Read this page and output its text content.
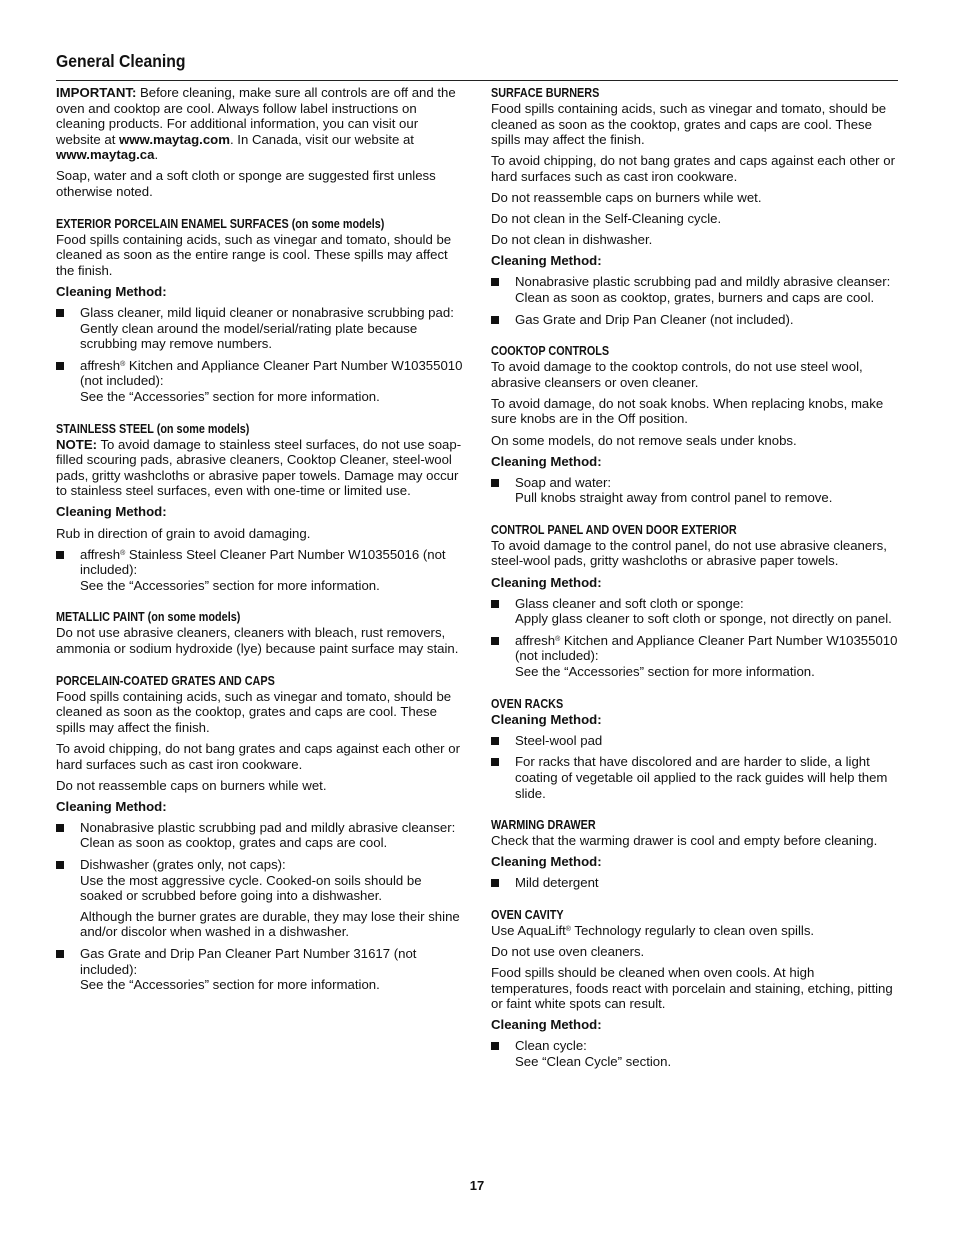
General Cleaning

IMPORTANT: Before cleaning, make sure all controls are off and the oven and cooktop are cool. Always follow label instructions on cleaning products. For additional information, you can visit our website at www.maytag.com. In Canada, visit our website at www.maytag.ca.

Soap, water and a soft cloth or sponge are suggested first unless otherwise noted.

EXTERIOR PORCELAIN ENAMEL SURFACES (on some models)

Food spills containing acids, such as vinegar and tomato, should be cleaned as soon as the entire range is cool. These spills may affect the finish.

Cleaning Method:

Glass cleaner, mild liquid cleaner or nonabrasive scrubbing pad:
Gently clean around the model/serial/rating plate because scrubbing may remove numbers.
affresh® Kitchen and Appliance Cleaner Part Number W10355010 (not included):
See the “Accessories” section for more information.
STAINLESS STEEL (on some models)

NOTE: To avoid damage to stainless steel surfaces, do not use soap-filled scouring pads, abrasive cleaners, Cooktop Cleaner, steel-wool pads, gritty washcloths or abrasive paper towels. Damage may occur to stainless steel surfaces, even with one-time or limited use.

Cleaning Method:

Rub in direction of grain to avoid damaging.

affresh® Stainless Steel Cleaner Part Number W10355016 (not included):
See the “Accessories” section for more information.
METALLIC PAINT (on some models)

Do not use abrasive cleaners, cleaners with bleach, rust removers, ammonia or sodium hydroxide (lye) because paint surface may stain.

PORCELAIN-COATED GRATES AND CAPS

Food spills containing acids, such as vinegar and tomato, should be cleaned as soon as the cooktop, grates and caps are cool. These spills may affect the finish.

To avoid chipping, do not bang grates and caps against each other or hard surfaces such as cast iron cookware.

Do not reassemble caps on burners while wet.

Cleaning Method:

Nonabrasive plastic scrubbing pad and mildly abrasive cleanser:
Clean as soon as cooktop, grates and caps are cool.
Dishwasher (grates only, not caps):
Use the most aggressive cycle. Cooked-on soils should be soaked or scrubbed before going into a dishwasher.
Although the burner grates are durable, they may lose their shine and/or discolor when washed in a dishwasher.
Gas Grate and Drip Pan Cleaner Part Number 31617 (not included):
See the “Accessories” section for more information.
SURFACE BURNERS

Food spills containing acids, such as vinegar and tomato, should be cleaned as soon as the cooktop, grates and caps are cool. These spills may affect the finish.

To avoid chipping, do not bang grates and caps against each other or hard surfaces such as cast iron cookware.

Do not reassemble caps on burners while wet.

Do not clean in the Self-Cleaning cycle.

Do not clean in dishwasher.

Cleaning Method:

Nonabrasive plastic scrubbing pad and mildly abrasive cleanser:
Clean as soon as cooktop, grates, burners and caps are cool.
Gas Grate and Drip Pan Cleaner (not included).
COOKTOP CONTROLS

To avoid damage to the cooktop controls, do not use steel wool, abrasive cleansers or oven cleaner.

To avoid damage, do not soak knobs. When replacing knobs, make sure knobs are in the Off position.

On some models, do not remove seals under knobs.

Cleaning Method:

Soap and water:
Pull knobs straight away from control panel to remove.
CONTROL PANEL AND OVEN DOOR EXTERIOR

To avoid damage to the control panel, do not use abrasive cleaners, steel-wool pads, gritty washcloths or abrasive paper towels.

Cleaning Method:

Glass cleaner and soft cloth or sponge:
Apply glass cleaner to soft cloth or sponge, not directly on panel.
affresh® Kitchen and Appliance Cleaner Part Number W10355010 (not included):
See the “Accessories” section for more information.
OVEN RACKS

Cleaning Method:

Steel-wool pad
For racks that have discolored and are harder to slide, a light coating of vegetable oil applied to the rack guides will help them slide.
WARMING DRAWER

Check that the warming drawer is cool and empty before cleaning.

Cleaning Method:

Mild detergent
OVEN CAVITY

Use AquaLift® Technology regularly to clean oven spills.

Do not use oven cleaners.

Food spills should be cleaned when oven cools. At high temperatures, foods react with porcelain and staining, etching, pitting or faint white spots can result.

Cleaning Method:

Clean cycle:
See “Clean Cycle” section.
17
